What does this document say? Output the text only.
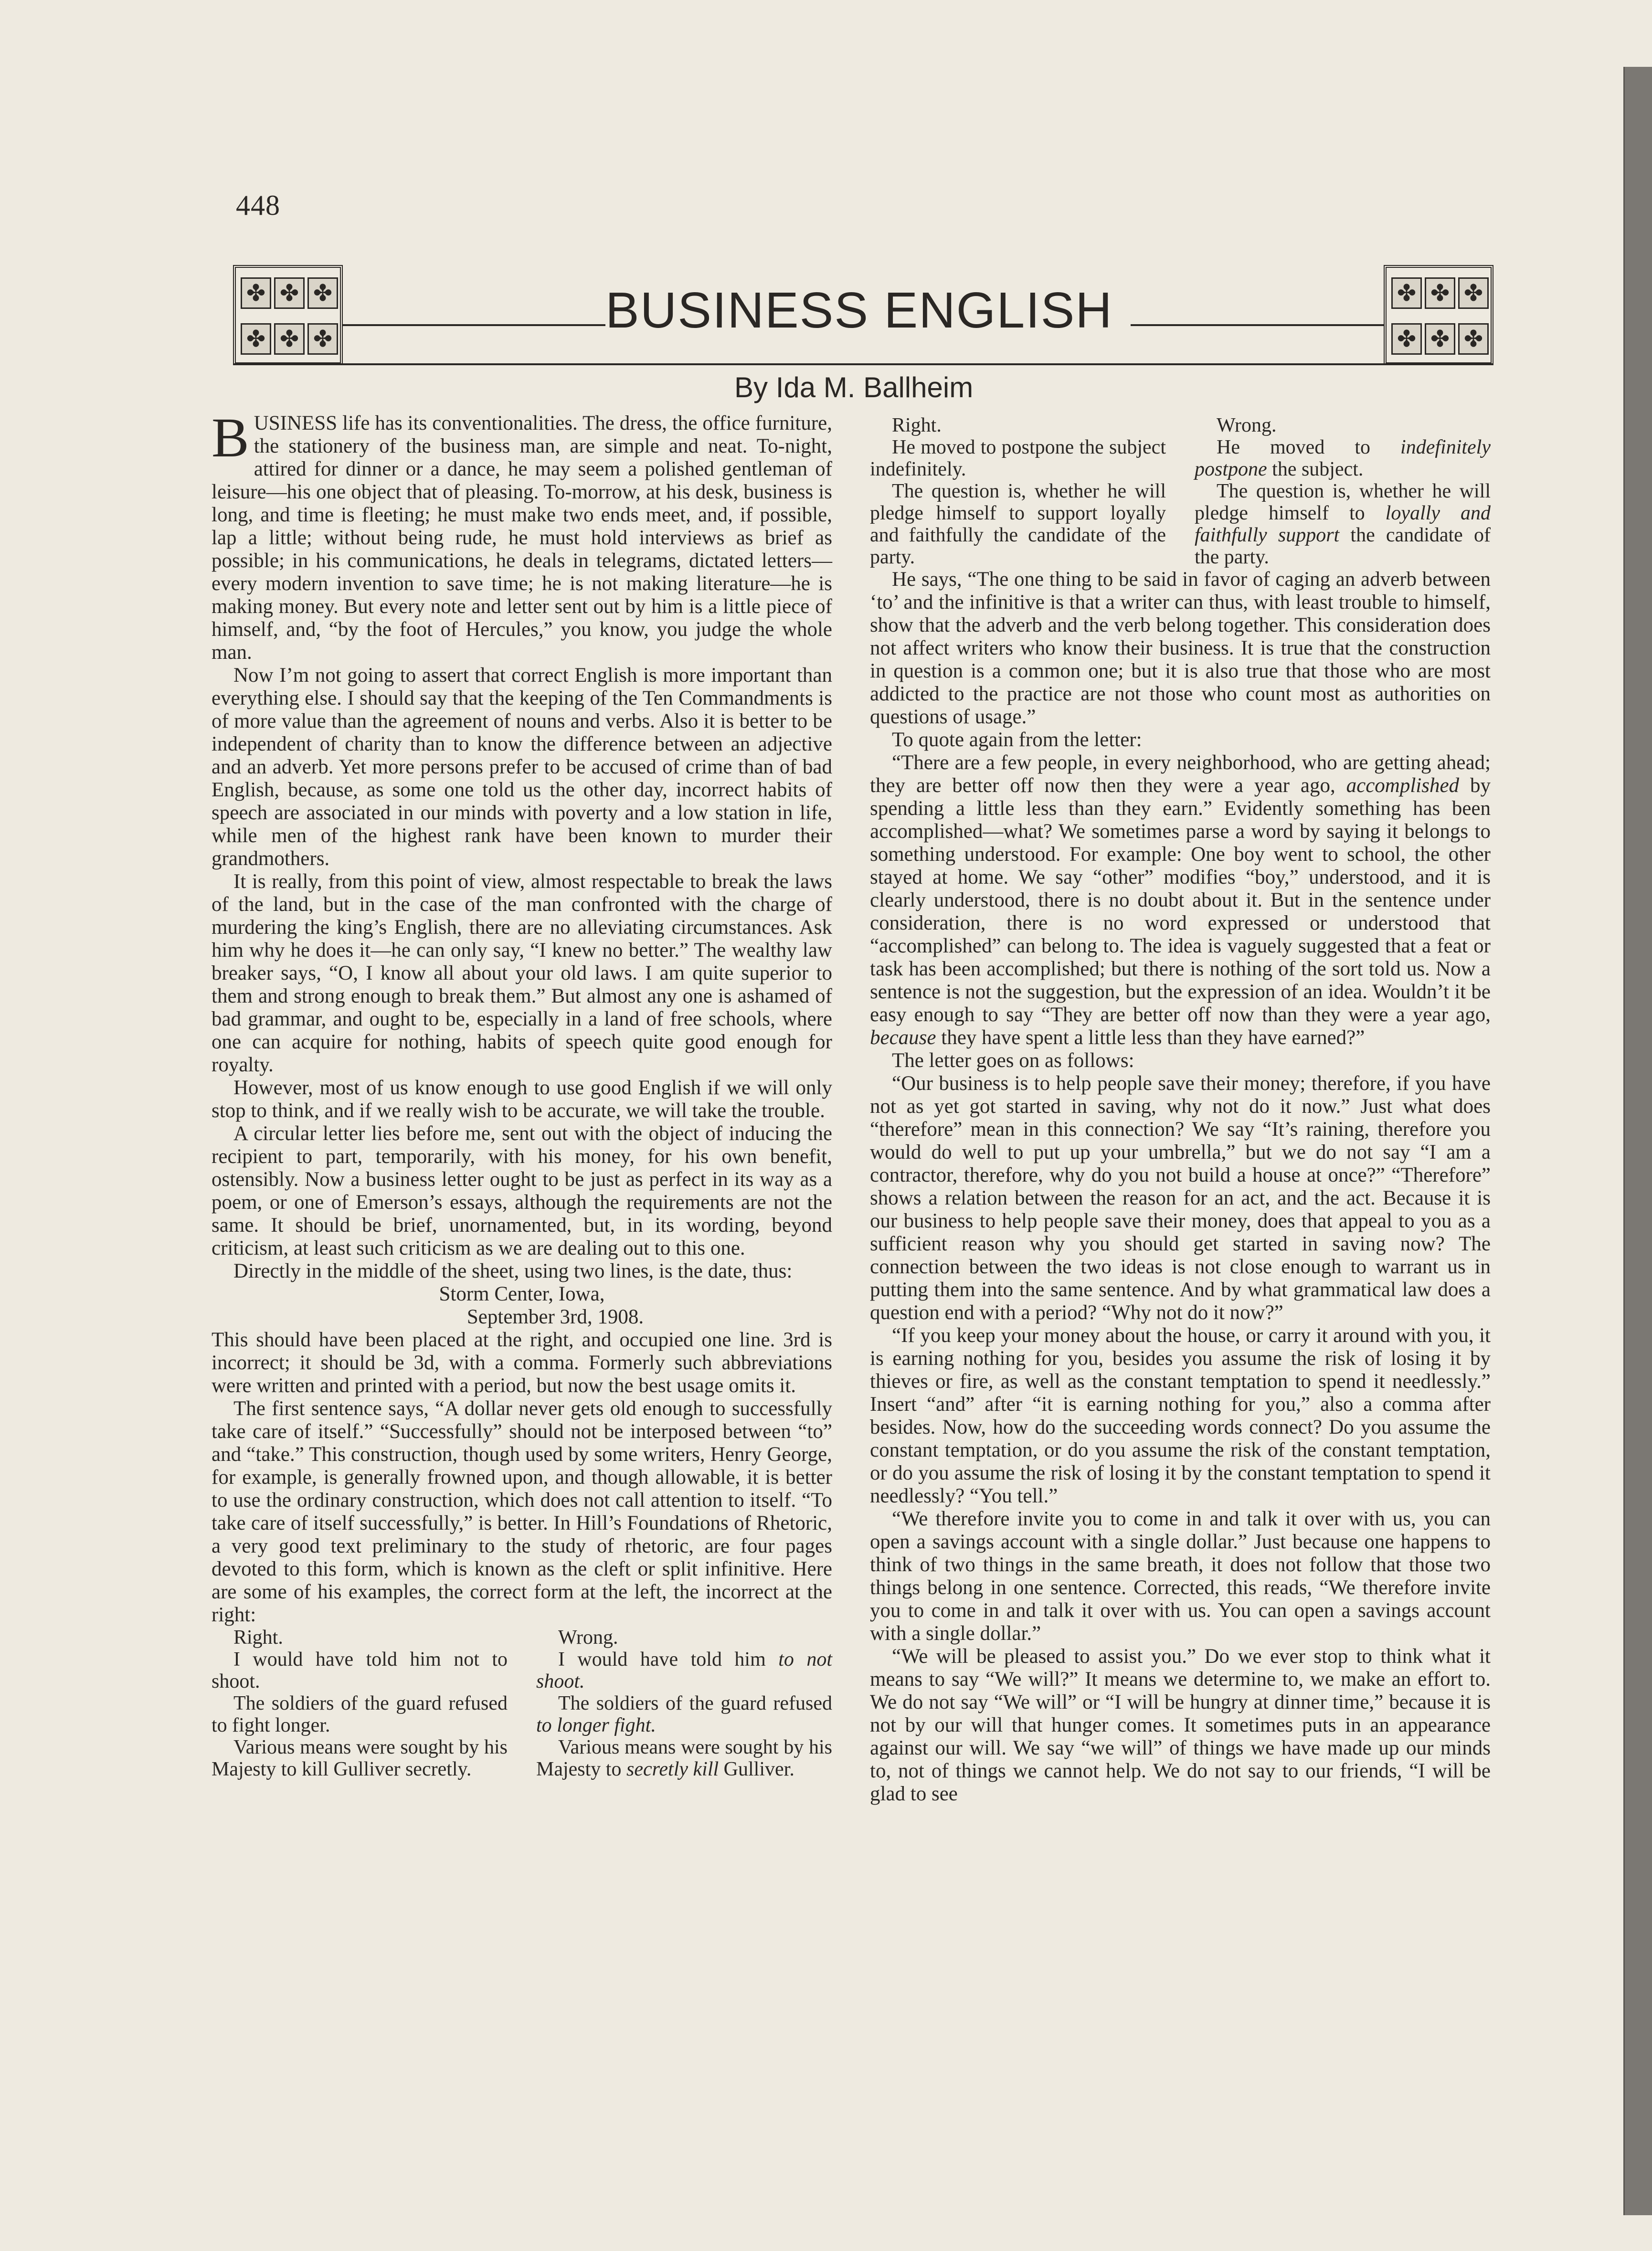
448
✤ ✤ ✤
✤ ✤ ✤
BUSINESS ENGLISH	✤ ✤ ✤
✤ ✤ ✤
By Ida M. Ballheim

BUSINESS life has its conventionalities. The dress, the office furniture, the stationery of the business man, are simple and neat. To-night, attired for dinner or a dance, he may seem a polished gentleman of leisure—his one object that of pleasing. To-morrow, at his desk, business is long, and time is fleeting; he must make two ends meet, and, if possible, lap a little; without being rude, he must hold interviews as brief as possible; in his communications, he deals in telegrams, dictated letters—every modern invention to save time; he is not making literature—he is making money. But every note and letter sent out by him is a little piece of himself, and, “by the foot of Hercules,” you know, you judge the whole man.

Now I’m not going to assert that correct English is more important than everything else. I should say that the keeping of the Ten Commandments is of more value than the agreement of nouns and verbs. Also it is better to be independent of charity than to know the difference between an adjective and an adverb. Yet more persons prefer to be accused of crime than of bad English, because, as some one told us the other day, incorrect habits of speech are associated in our minds with poverty and a low station in life, while men of the highest rank have been known to murder their grandmothers.

It is really, from this point of view, almost respectable to break the laws of the land, but in the case of the man confronted with the charge of murdering the king’s English, there are no alleviating circumstances. Ask him why he does it—he can only say, “I knew no better.” The wealthy law breaker says, “O, I know all about your old laws. I am quite superior to them and strong enough to break them.” But almost any one is ashamed of bad grammar, and ought to be, especially in a land of free schools, where one can acquire for nothing, habits of speech quite good enough for royalty.

However, most of us know enough to use good English if we will only stop to think, and if we really wish to be accurate, we will take the trouble.

A circular letter lies before me, sent out with the object of inducing the recipient to part, temporarily, with his money, for his own benefit, ostensibly. Now a business letter ought to be just as perfect in its way as a poem, or one of Emerson’s essays, although the requirements are not the same. It should be brief, unornamented, but, in its wording, beyond criticism, at least such criticism as we are dealing out to this one.

Directly in the middle of the sheet, using two lines, is the date, thus:

Storm Center, Iowa,

September 3rd, 1908.

This should have been placed at the right, and occupied one line. 3rd is incorrect; it should be 3d, with a comma. Formerly such abbreviations were written and printed with a period, but now the best usage omits it.

The first sentence says, “A dollar never gets old enough to successfully take care of itself.” “Successfully” should not be interposed between “to” and “take.” This construction, though used by some writers, Henry George, for example, is generally frowned upon, and though allowable, it is better to use the ordinary construction, which does not call attention to itself. “To take care of itself successfully,” is better. In Hill’s Foundations of Rhetoric, a very good text preliminary to the study of rhetoric, are four pages devoted to this form, which is known as the cleft or split infinitive. Here are some of his examples, the correct form at the left, the incorrect at the right:

Right.

I would have told him not to shoot.

The soldiers of the guard refused to fight longer.

Various means were sought by his Majesty to kill Gulliver secretly.

Wrong.

I would have told him to not shoot.

The soldiers of the guard refused to longer fight.

Various means were sought by his Majesty to secretly kill Gulliver.

Right.

He moved to postpone the subject indefinitely.

The question is, whether he will pledge himself to support loyally and faithfully the candidate of the party.

Wrong.

He moved to indefinitely postpone the subject.

The question is, whether he will pledge himself to loyally and faithfully support the candidate of the party.

He says, “The one thing to be said in favor of caging an adverb between ‘to’ and the infinitive is that a writer can thus, with least trouble to himself, show that the adverb and the verb belong together. This consideration does not affect writers who know their business. It is true that the construction in question is a common one; but it is also true that those who are most addicted to the practice are not those who count most as authorities on questions of usage.”

To quote again from the letter:

“There are a few people, in every neighborhood, who are getting ahead; they are better off now then they were a year ago, accomplished by spending a little less than they earn.” Evidently something has been accomplished—what? We sometimes parse a word by saying it belongs to something understood. For example: One boy went to school, the other stayed at home. We say “other” modifies “boy,” understood, and it is clearly understood, there is no doubt about it. But in the sentence under consideration, there is no word expressed or understood that “accomplished” can belong to. The idea is vaguely suggested that a feat or task has been accomplished; but there is nothing of the sort told us. Now a sentence is not the suggestion, but the expression of an idea. Wouldn’t it be easy enough to say “They are better off now than they were a year ago, because they have spent a little less than they have earned?”

The letter goes on as follows:

“Our business is to help people save their money; therefore, if you have not as yet got started in saving, why not do it now.” Just what does “therefore” mean in this connection? We say “It’s raining, therefore you would do well to put up your umbrella,” but we do not say “I am a contractor, therefore, why do you not build a house at once?” “Therefore” shows a relation between the reason for an act, and the act. Because it is our business to help people save their money, does that appeal to you as a sufficient reason why you should get started in saving now? The connection between the two ideas is not close enough to warrant us in putting them into the same sentence. And by what grammatical law does a question end with a period? “Why not do it now?”

“If you keep your money about the house, or carry it around with you, it is earning nothing for you, besides you assume the risk of losing it by thieves or fire, as well as the constant temptation to spend it needlessly.” Insert “and” after “it is earning nothing for you,” also a comma after besides. Now, how do the succeeding words connect? Do you assume the constant temptation, or do you assume the risk of the constant temptation, or do you assume the risk of losing it by the constant temptation to spend it needlessly? “You tell.”

“We therefore invite you to come in and talk it over with us, you can open a savings account with a single dollar.” Just because one happens to think of two things in the same breath, it does not follow that those two things belong in one sentence. Corrected, this reads, “We therefore invite you to come in and talk it over with us. You can open a savings account with a single dollar.”

“We will be pleased to assist you.” Do we ever stop to think what it means to say “We will?” It means we determine to, we make an effort to. We do not say “We will” or “I will be hungry at dinner time,” because it is not by our will that hunger comes. It sometimes puts in an appearance against our will. We say “we will” of things we have made up our minds to, not of things we cannot help. We do not say to our friends, “I will be glad to see
